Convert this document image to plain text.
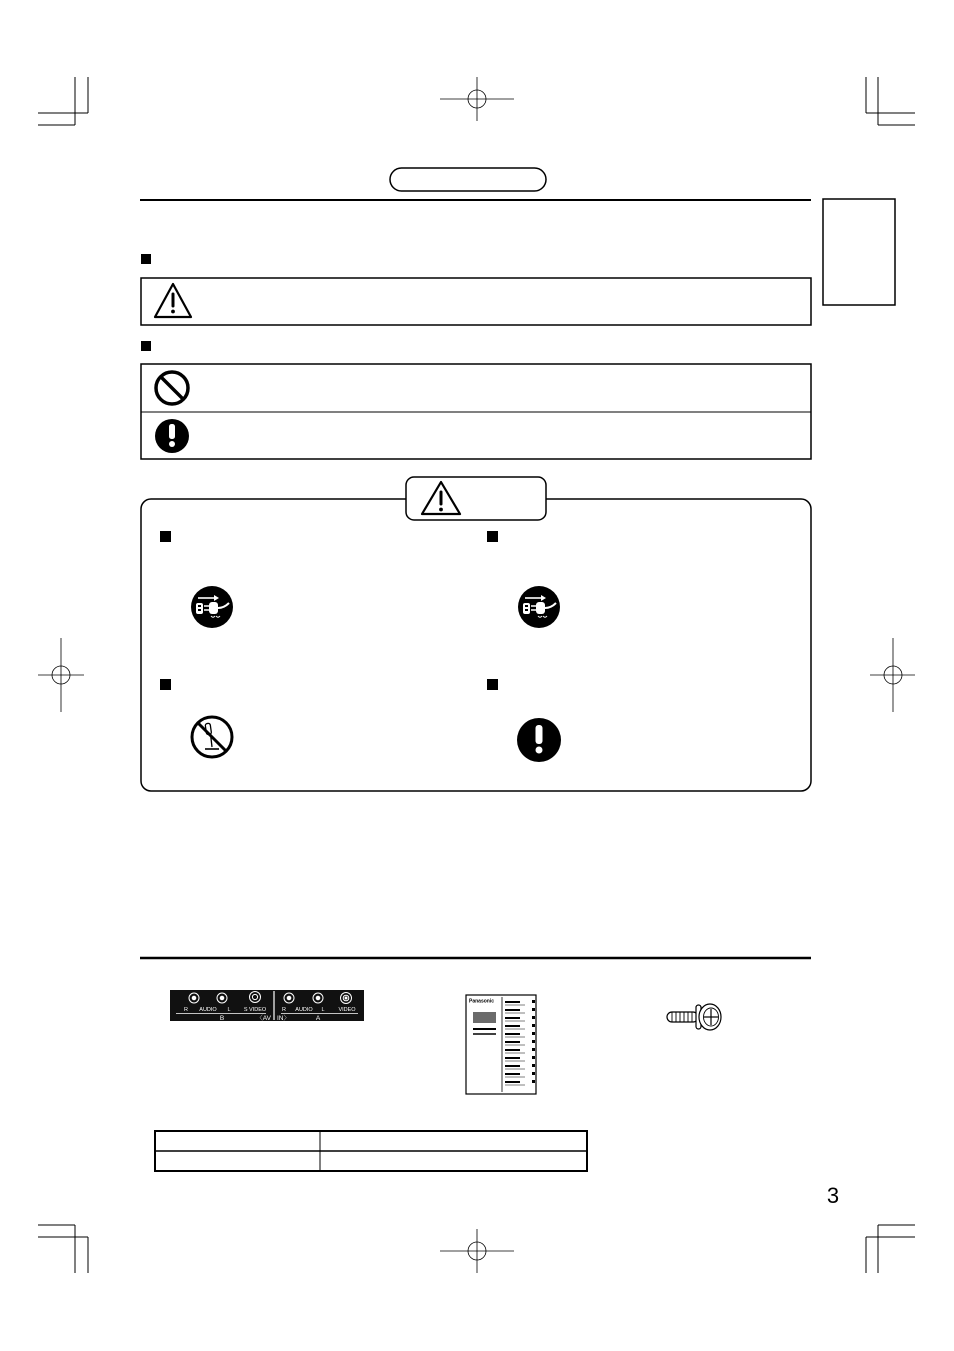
R AUDIO L S VIDEO	R AUDIO L	VIDEO
B	〈AV IN〉	A
Panasonic
3
